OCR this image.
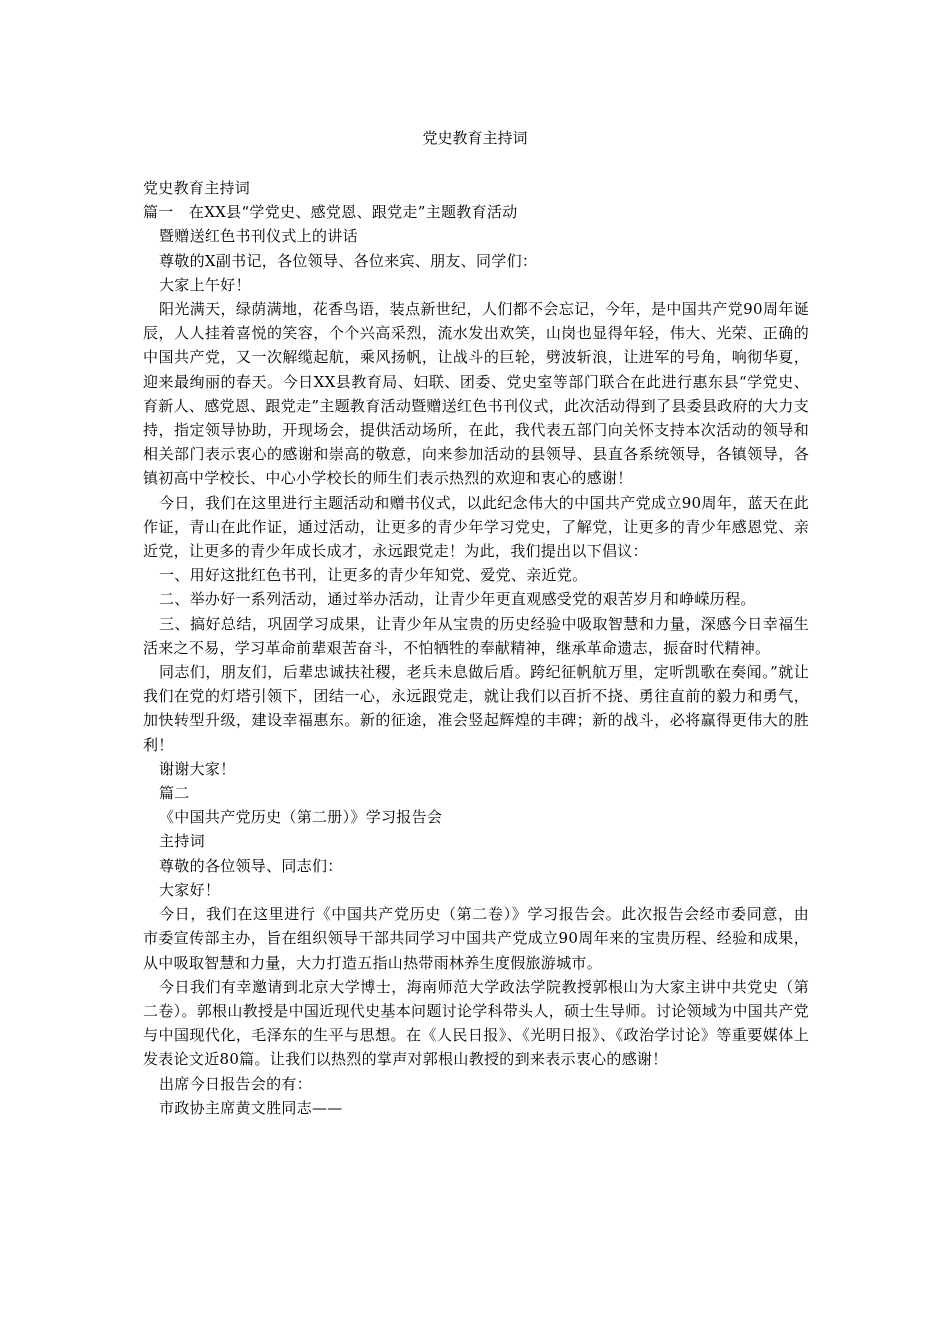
党史教育主持词

党史教育主持词

篇一　在XX县“学党史、感党恩、跟党走”主题教育活动

暨赠送红色书刊仪式上的讲话

尊敬的X副书记，各位领导、各位来宾、朋友、同学们：

大家上午好！

阳光满天，绿荫满地，花香鸟语，装点新世纪，人们都不会忘记，今年，是中国共产党90周年诞辰，人人挂着喜悦的笑容，个个兴高采烈，流水发出欢笑，山岗也显得年轻，伟大、光荣、正确的中国共产党，又一次解缆起航，乘风扬帆，让战斗的巨轮，劈波斩浪，让进军的号角，响彻华夏，迎来最绚丽的春天。今日XX县教育局、妇联、团委、党史室等部门联合在此进行惠东县“学党史、育新人、感党恩、跟党走”主题教育活动暨赠送红色书刊仪式，此次活动得到了县委县政府的大力支持，指定领导协助，开现场会，提供活动场所，在此，我代表五部门向关怀支持本次活动的领导和相关部门表示衷心的感谢和崇高的敬意，向来参加活动的县领导、县直各系统领导，各镇领导，各镇初高中学校长、中心小学校长的师生们表示热烈的欢迎和衷心的感谢！

今日，我们在这里进行主题活动和赠书仪式，以此纪念伟大的中国共产党成立90周年，蓝天在此作证，青山在此作证，通过活动，让更多的青少年学习党史，了解党，让更多的青少年感恩党、亲近党，让更多的青少年成长成才，永远跟党走！为此，我们提出以下倡议：

一、用好这批红色书刊，让更多的青少年知党、爱党、亲近党。

二、举办好一系列活动，通过举办活动，让青少年更直观感受党的艰苦岁月和峥嵘历程。

三、搞好总结，巩固学习成果，让青少年从宝贵的历史经验中吸取智慧和力量，深感今日幸福生活来之不易，学习革命前辈艰苦奋斗，不怕牺牲的奉献精神，继承革命遗志，振奋时代精神。

同志们，朋友们，后辈忠诚扶社稷，老兵未息做后盾。跨纪征帆航万里，定听凯歌在奏闻。”就让我们在党的灯塔引领下，团结一心，永远跟党走，就让我们以百折不挠、勇往直前的毅力和勇气，加快转型升级，建设幸福惠东。新的征途，准会竖起辉煌的丰碑；新的战斗，必将赢得更伟大的胜利！

谢谢大家！

篇二

《中国共产党历史（第二册）》学习报告会

主持词

尊敬的各位领导、同志们：

大家好！

今日，我们在这里进行《中国共产党历史（第二卷）》学习报告会。此次报告会经市委同意，由市委宣传部主办，旨在组织领导干部共同学习中国共产党成立90周年来的宝贵历程、经验和成果，从中吸取智慧和力量，大力打造五指山热带雨林养生度假旅游城市。

今日我们有幸邀请到北京大学博士，海南师范大学政法学院教授郭根山为大家主讲中共党史（第二卷）。郭根山教授是中国近现代史基本问题讨论学科带头人，硕士生导师。讨论领域为中国共产党与中国现代化，毛泽东的生平与思想。在《人民日报》、《光明日报》、《政治学讨论》等重要媒体上发表论文近80篇。让我们以热烈的掌声对郭根山教授的到来表示衷心的感谢！

出席今日报告会的有：

市政协主席黄文胜同志——
